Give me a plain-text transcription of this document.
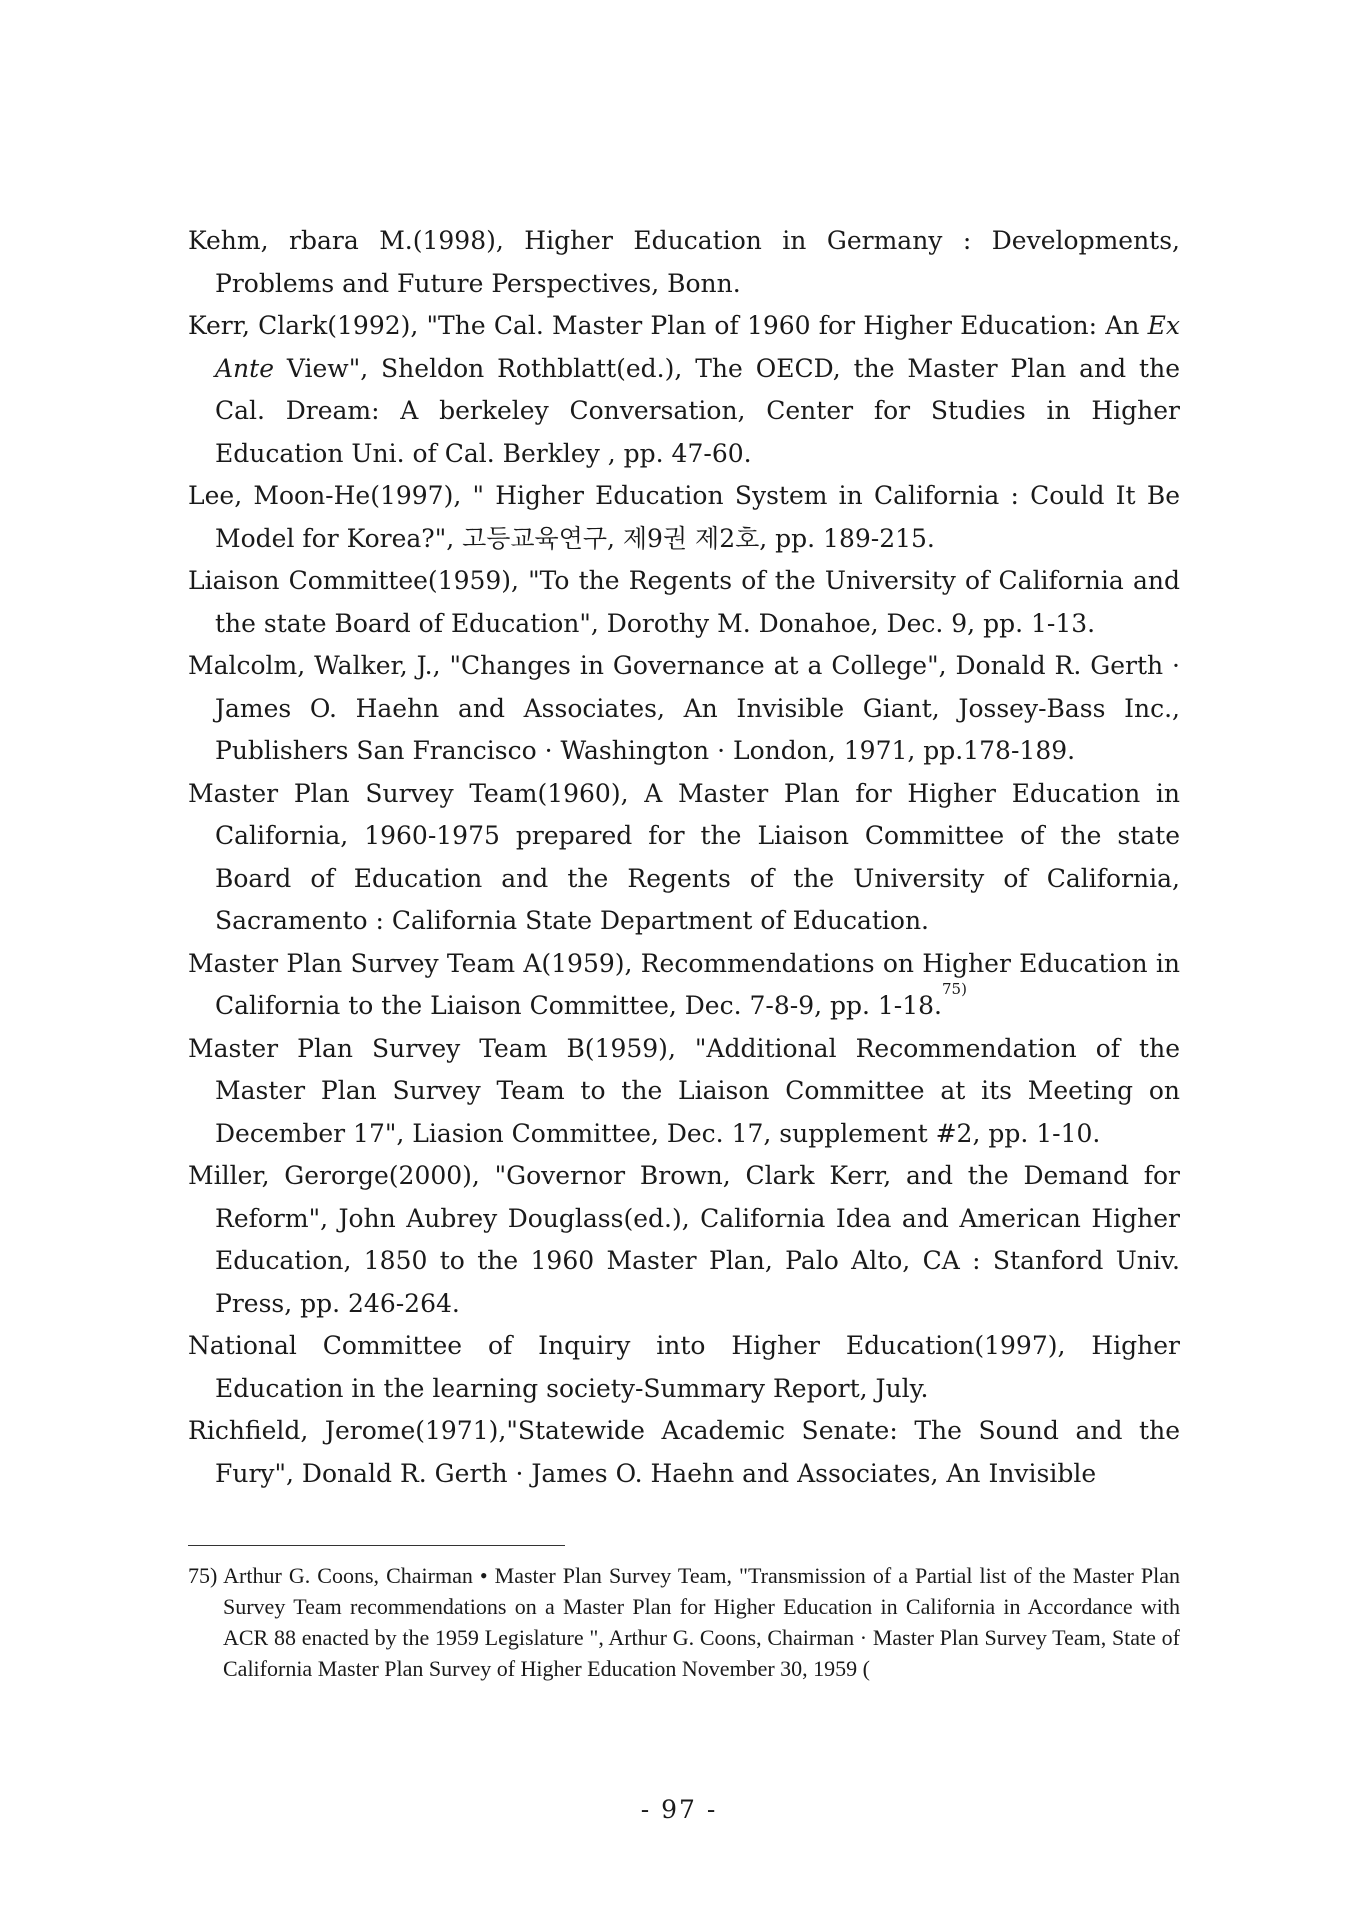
Kehm, rbara M.(1998), Higher Education in Germany : Developments, Problems and Future Perspectives, Bonn.

Kerr, Clark(1992), "The Cal. Master Plan of 1960 for Higher Education: An Ex Ante View", Sheldon Rothblatt(ed.), The OECD, the Master Plan and the Cal. Dream: A berkeley Conversation, Center for Studies in Higher Education Uni. of Cal. Berkley , pp. 47-60.

Lee, Moon-He(1997), " Higher Education System in California : Could It Be Model for Korea?", 고등교육연구, 제9권 제2호, pp. 189-215.

Liaison Committee(1959), "To the Regents of the University of California and the state Board of Education", Dorothy M. Donahoe, Dec. 9, pp. 1-13.

Malcolm, Walker, J., "Changes in Governance at a College", Donald R. Gerth · James O. Haehn and Associates, An Invisible Giant, Jossey-Bass Inc., Publishers San Francisco · Washington · London, 1971, pp.178-189.

Master Plan Survey Team(1960), A Master Plan for Higher Education in California, 1960-1975 prepared for the Liaison Committee of the state Board of Education and the Regents of the University of California, Sacramento : California State Department of Education.

Master Plan Survey Team A(1959), Recommendations on Higher Education in California to the Liaison Committee, Dec. 7-8-9, pp. 1-18.$^{75)}$

Master Plan Survey Team B(1959), "Additional Recommendation of the Master Plan Survey Team to the Liaison Committee at its Meeting on December 17", Liasion Committee, Dec. 17, supplement #2, pp. 1-10.

Miller, Gerorge(2000), "Governor Brown, Clark Kerr, and the Demand for Reform", John Aubrey Douglass(ed.), California Idea and American Higher Education, 1850 to the 1960 Master Plan, Palo Alto, CA : Stanford Univ. Press, pp. 246-264.

National Committee of Inquiry into Higher Education(1997), Higher Education in the learning society-Summary Report, July.

Richfield, Jerome(1971),"Statewide Academic Senate: The Sound and the Fury", Donald R. Gerth · James O. Haehn and Associates, An Invisible

75) Arthur G. Coons, Chairman • Master Plan Survey Team, "Transmission of a Partial list of the Master Plan Survey Team recommendations on a Master Plan for Higher Education in California in Accordance with ACR 88 enacted by the 1959 Legislature ", Arthur G. Coons, Chairman · Master Plan Survey Team, State of California Master Plan Survey of Higher Education November 30, 1959 (
- 97 -
